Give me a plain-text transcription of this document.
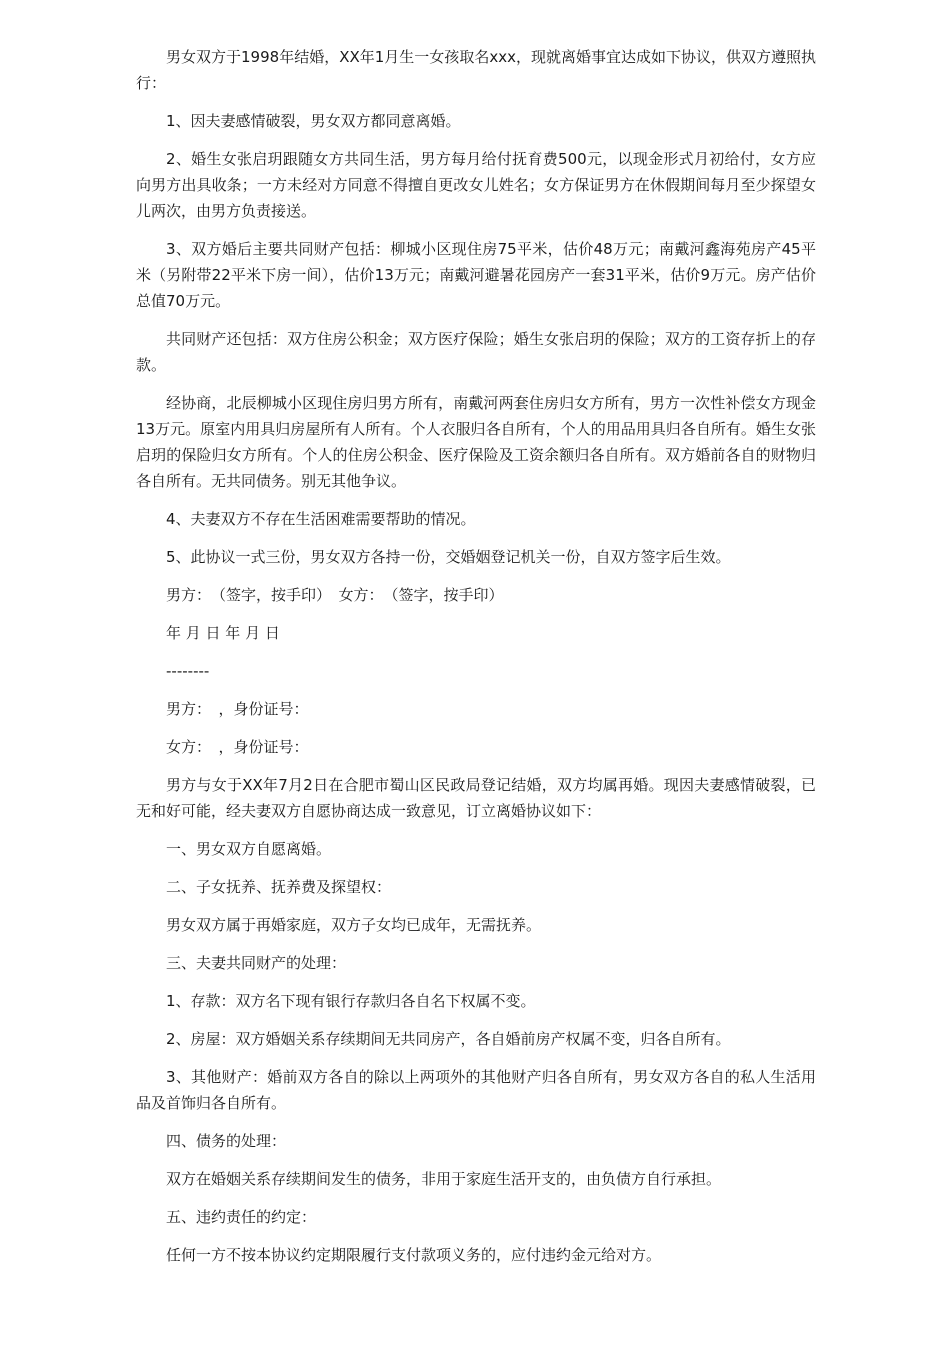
男女双方于1998年结婚，XX年1月生一女孩取名xxx，现就离婚事宜达成如下协议，供双方遵照执行：

1、因夫妻感情破裂，男女双方都同意离婚。

2、婚生女张启玥跟随女方共同生活，男方每月给付抚育费500元，以现金形式月初给付，女方应向男方出具收条；一方未经对方同意不得擅自更改女儿姓名；女方保证男方在休假期间每月至少探望女儿两次，由男方负责接送。

3、双方婚后主要共同财产包括：柳城小区现住房75平米，估价48万元；南戴河鑫海苑房产45平米（另附带22平米下房一间），估价13万元；南戴河避暑花园房产一套31平米，估价9万元。房产估价总值70万元。

共同财产还包括：双方住房公积金；双方医疗保险；婚生女张启玥的保险；双方的工资存折上的存款。

经协商，北辰柳城小区现住房归男方所有，南戴河两套住房归女方所有，男方一次性补偿女方现金13万元。原室内用具归房屋所有人所有。个人衣服归各自所有，个人的用品用具归各自所有。婚生女张启玥的保险归女方所有。个人的住房公积金、医疗保险及工资余额归各自所有。双方婚前各自的财物归各自所有。无共同债务。别无其他争议。

4、夫妻双方不存在生活困难需要帮助的情况。

5、此协议一式三份，男女双方各持一份，交婚姻登记机关一份，自双方签字后生效。

男方：　（签字，按手印）　女方：　（签字，按手印）

年 月 日 年 月 日

--------

男方：　，身份证号：

女方：　，身份证号：

男方与女于XX年7月2日在合肥市蜀山区民政局登记结婚，双方均属再婚。现因夫妻感情破裂，已无和好可能，经夫妻双方自愿协商达成一致意见，订立离婚协议如下：

一、男女双方自愿离婚。

二、子女抚养、抚养费及探望权：

男女双方属于再婚家庭，双方子女均已成年，无需抚养。

三、夫妻共同财产的处理：

1、存款：双方名下现有银行存款归各自名下权属不变。

2、房屋：双方婚姻关系存续期间无共同房产，各自婚前房产权属不变，归各自所有。

3、其他财产：婚前双方各自的除以上两项外的其他财产归各自所有，男女双方各自的私人生活用品及首饰归各自所有。

四、债务的处理：

双方在婚姻关系存续期间发生的债务，非用于家庭生活开支的，由负债方自行承担。

五、违约责任的约定：

任何一方不按本协议约定期限履行支付款项义务的，应付违约金元给对方。
